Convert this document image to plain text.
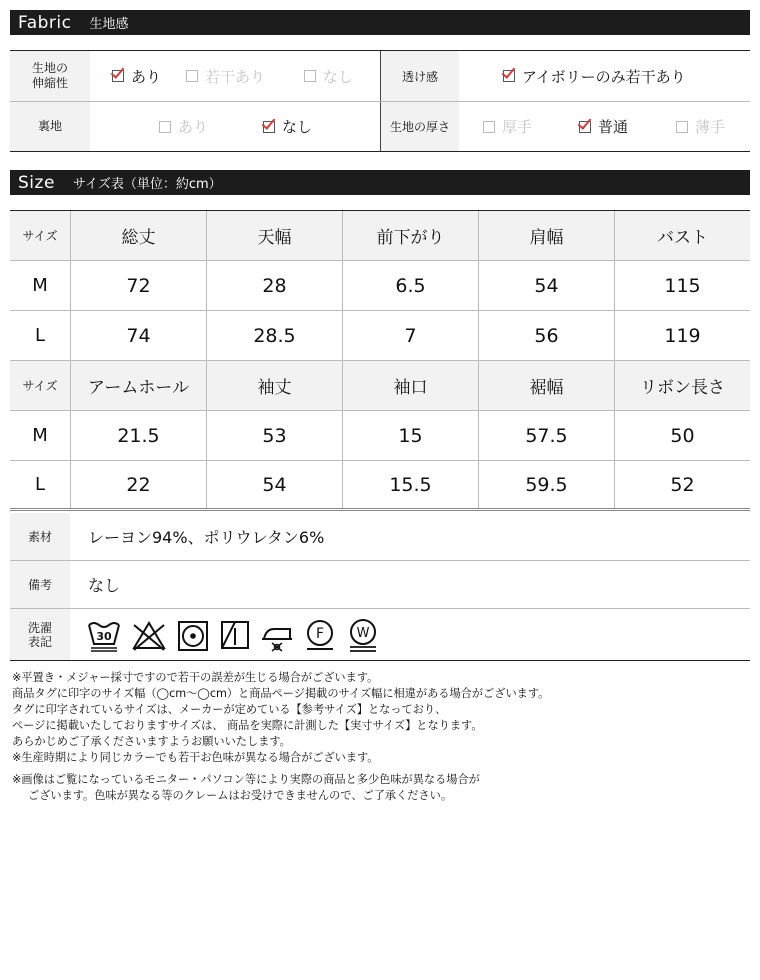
Fabric 生地感
生地の
伸縮性	あり	若干あり	なし	透け感	アイボリーのみ若干あり
裏地	あり	なし	生地の厚さ	厚手	普通	薄手
Size サイズ表（単位：約cm）
サイズ	総丈	天幅	前下がり	肩幅	バスト
M	72	28	6.5	54	115
L	74	28.5	7	56	119
サイズ	アームホール	袖丈	袖口	裾幅	リボン長さ
M	21.5	53	15	57.5	50
L	22	54	15.5	59.5	52
素材	レーヨン94%、ポリウレタン6%
備考	なし
洗濯
表記	30	F	W

※平置き・メジャー採寸ですので若干の誤差が生じる場合がございます。

商品タグに印字のサイズ幅（◯cm〜◯cm）と商品ページ掲載のサイズ幅に相違がある場合がございます。

タグに印字されているサイズは、メーカーが定めている【参考サイズ】となっており、

ページに掲載いたしておりますサイズは、 商品を実際に計測した【実寸サイズ】となります。

あらかじめご了承くださいますようお願いいたします。

※生産時期により同じカラーでも若干お色味が異なる場合がございます。

※画像はご覧になっているモニター・パソコン等により実際の商品と多少色味が異なる場合が

ございます。色味が異なる等のクレームはお受けできませんので、ご了承ください。
